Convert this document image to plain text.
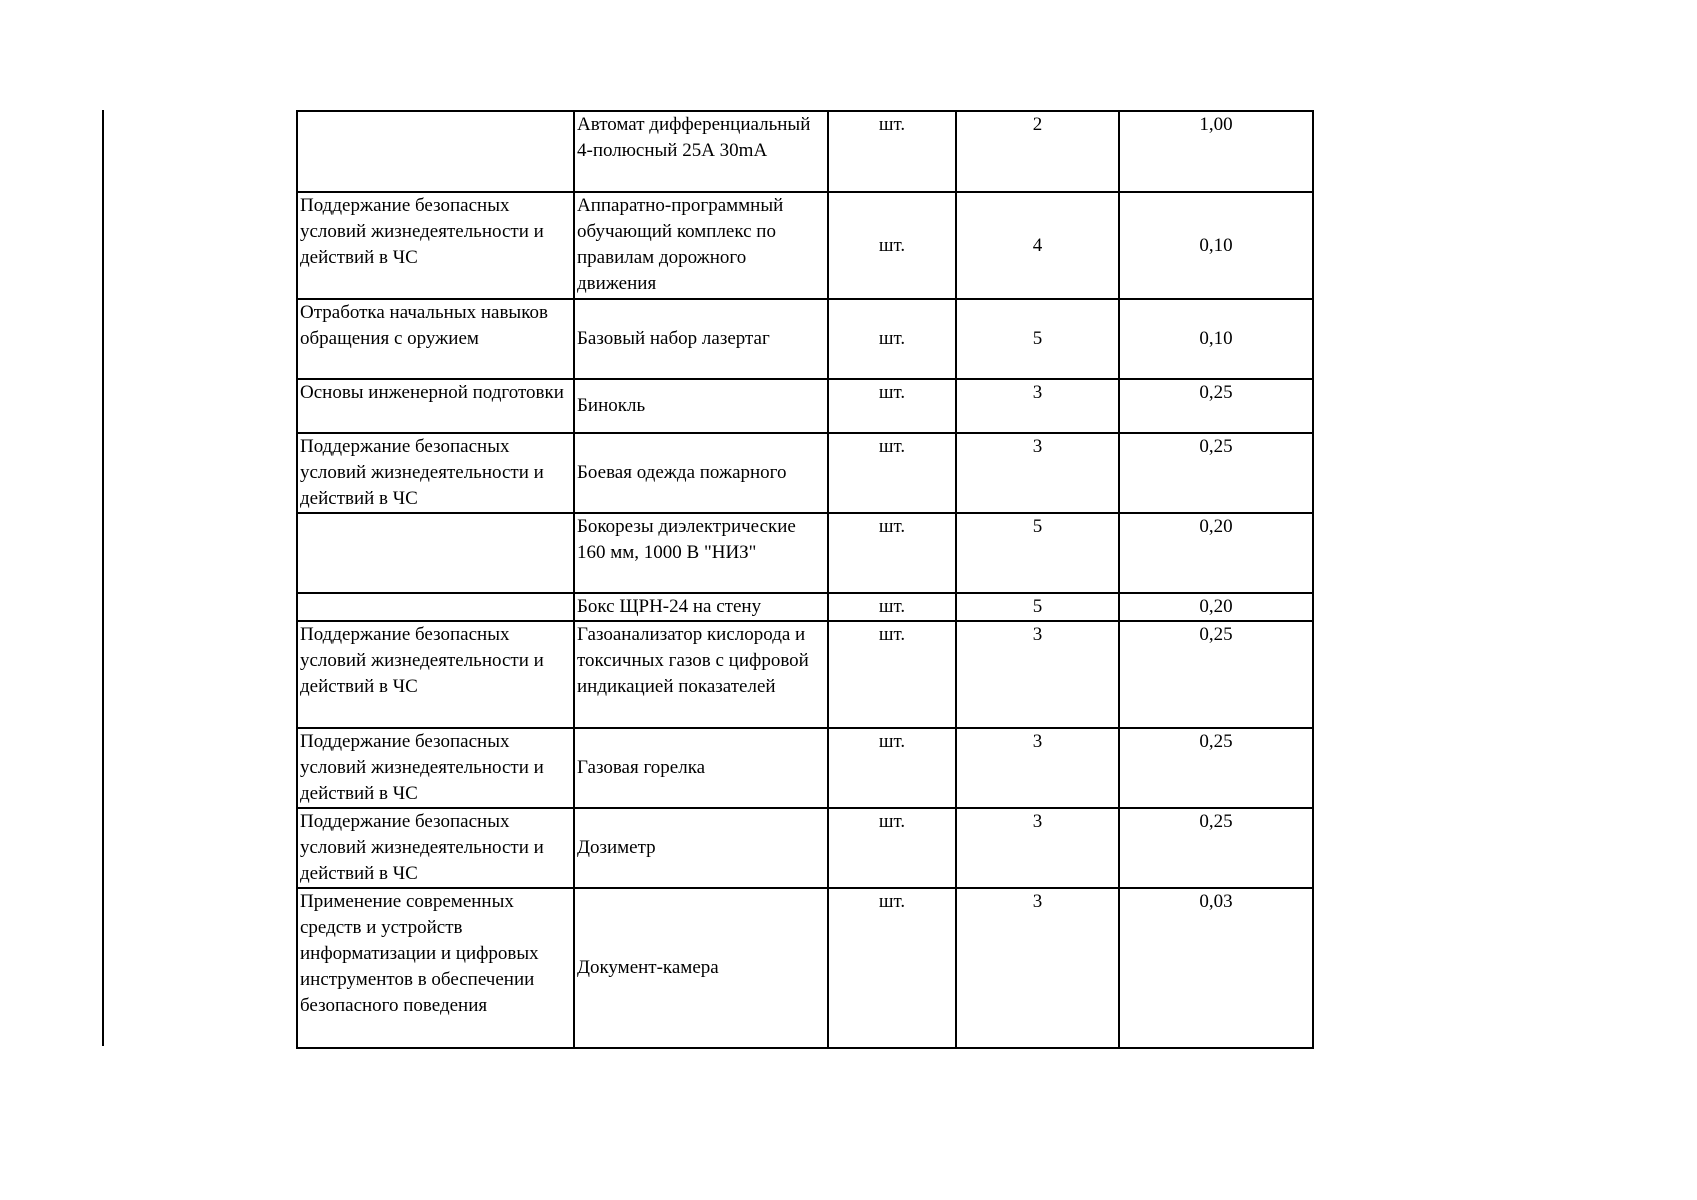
	Автомат дифференциальный 4-полюсный 25А 30mA	шт.	2	1,00
Поддержание безопасных условий жизнедеятельности и действий в ЧС	Аппаратно-программный обучающий комплекс по правилам дорожного движения	шт.	4	0,10
Отработка начальных навыков обращения с оружием	Базовый набор лазертаг	шт.	5	0,10
Основы инженерной подготовки	Бинокль	шт.	3	0,25
Поддержание безопасных условий жизнедеятельности и действий в ЧС	Боевая одежда пожарного	шт.	3	0,25
	Бокорезы диэлектрические 160 мм, 1000 В "НИЗ"	шт.	5	0,20
	Бокс ЩРН-24 на стену	шт.	5	0,20
Поддержание безопасных условий жизнедеятельности и действий в ЧС	Газоанализатор кислорода и токсичных газов с цифровой индикацией показателей	шт.	3	0,25
Поддержание безопасных условий жизнедеятельности и действий в ЧС	Газовая горелка	шт.	3	0,25
Поддержание безопасных условий жизнедеятельности и действий в ЧС	Дозиметр	шт.	3	0,25
Применение современных средств и устройств информатизации и цифровых инструментов в обеспечении безопасного поведения	Документ-камера	шт.	3	0,03
